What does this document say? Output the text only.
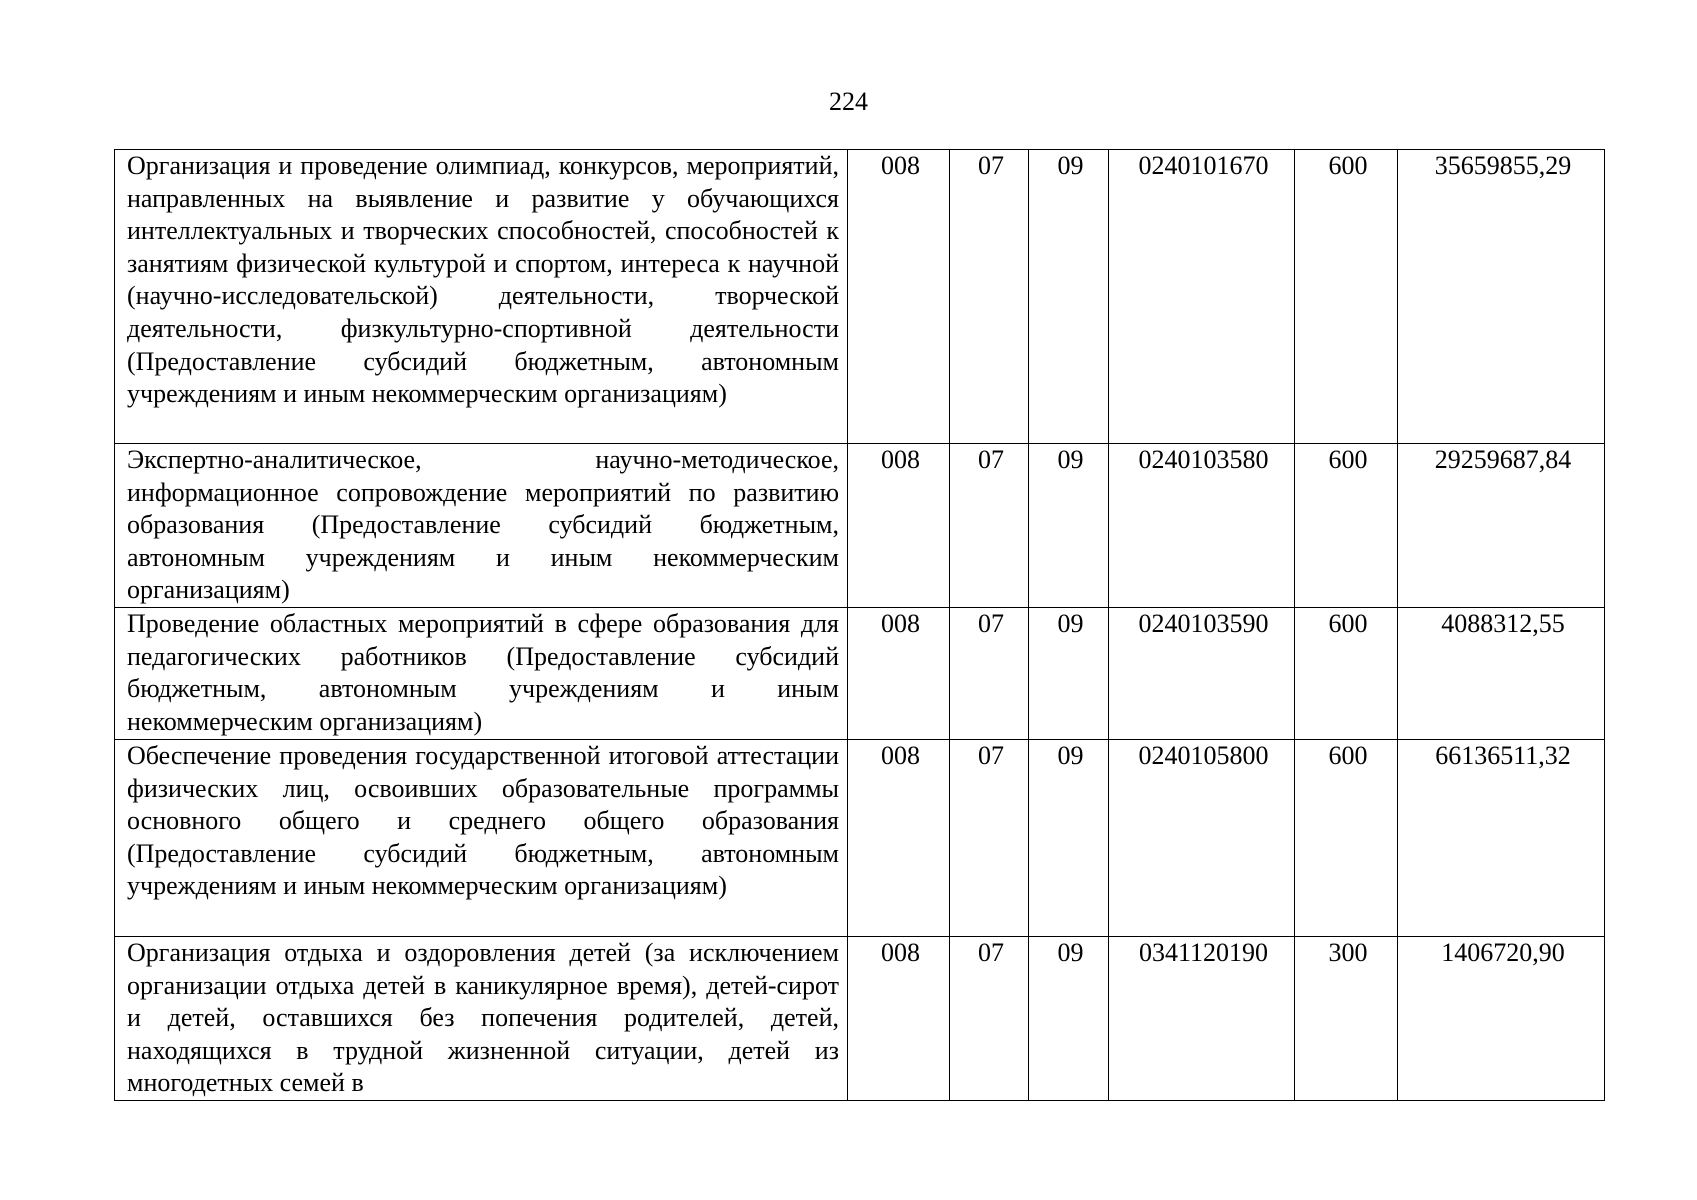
224
Организация и проведение олимпиад, конкурсов, мероприятий, направленных на выявление и развитие у обучающихся интеллектуальных и творческих способностей, способностей к занятиям физической культурой и спортом, интереса к научной (научно-исследовательской) деятельности, творческой деятельности, физкультурно-спортивной деятельности (Предоставление субсидий бюджетным, автономным учреждениям и иным некоммерческим организациям)	008	07	09	0240101670	600	35659855,29
Экспертно-аналитическое, научно-методическое, информационное сопровождение мероприятий по развитию образования (Предоставление субсидий бюджетным, автономным учреждениям и иным некоммерческим организациям)	008	07	09	0240103580	600	29259687,84
Проведение областных мероприятий в сфере образования для педагогических работников (Предоставление субсидий бюджетным, автономным учреждениям и иным некоммерческим организациям)	008	07	09	0240103590	600	4088312,55
Обеспечение проведения государственной итоговой аттестации физических лиц, освоивших образовательные программы основного общего и среднего общего образования (Предоставление субсидий бюджетным, автономным учреждениям и иным некоммерческим организациям)	008	07	09	0240105800	600	66136511,32
Организация отдыха и оздоровления детей (за исключением организации отдыха детей в каникулярное время), детей-сирот и детей, оставшихся без попечения родителей, детей, находящихся в трудной жизненной ситуации, детей из многодетных семей в	008	07	09	0341120190	300	1406720,90
